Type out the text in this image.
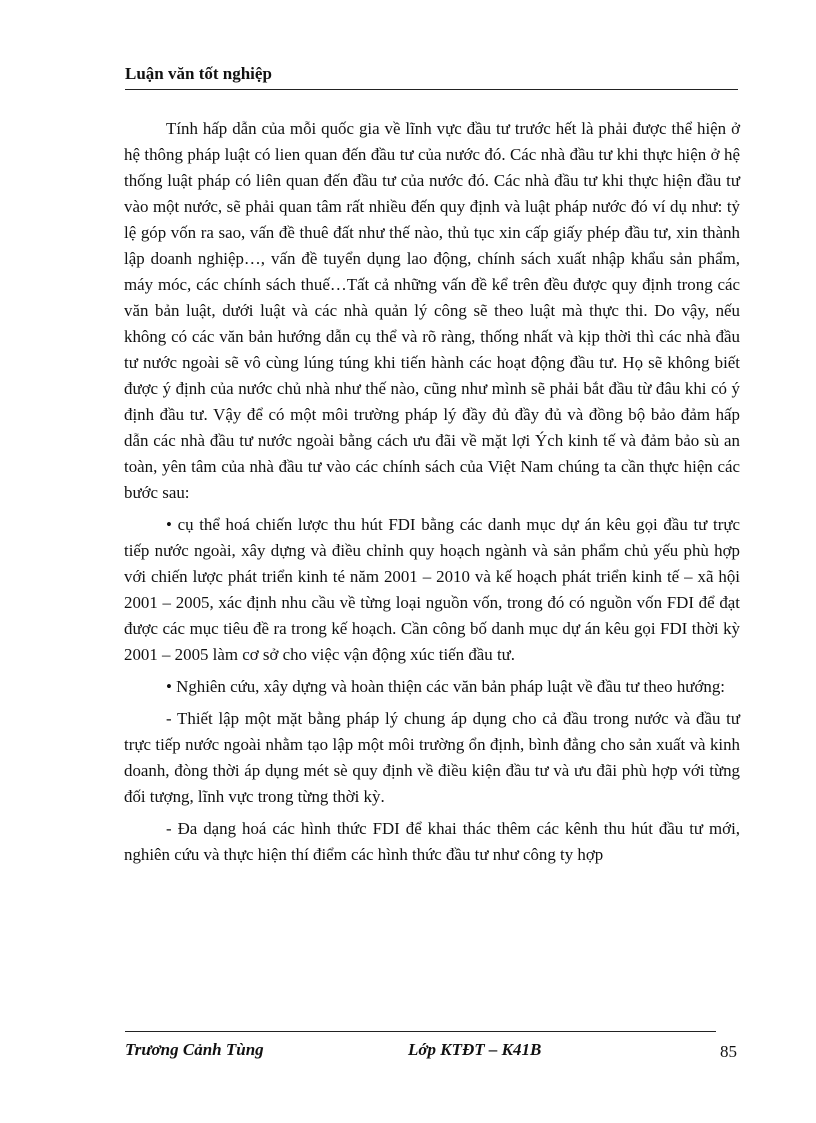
Luận văn tốt nghiệp

Tính hấp dẫn của mỗi quốc gia về lĩnh vực đầu tư trước hết là phải được thể hiện ở hệ thông pháp luật có lien quan đến đầu tư của nước đó. Các nhà đầu tư khi thực hiện ở hệ thống luật pháp có liên quan đến đầu tư của nước đó. Các nhà đầu tư khi thực hiện đầu tư vào một nước, sẽ phải quan tâm rất nhiều đến quy định và luật pháp nước đó ví dụ như: tỷ lệ góp vốn ra sao, vấn đề thuê đất như thế nào, thủ tục xin cấp giấy phép đầu tư, xin thành lập doanh nghiệp…, vấn đề tuyển dụng lao động, chính sách xuất nhập khẩu sản phẩm, máy móc, các chính sách thuế…Tất cả những vấn đề kể trên đều được quy định trong các văn bản luật, dưới luật và các nhà quản lý công sẽ theo luật mà thực thi. Do vậy, nếu không có các văn bản hướng dẫn cụ thể và rõ ràng, thống nhất và kịp thời thì các nhà đầu tư nước ngoài sẽ vô cùng lúng túng khi tiến hành các hoạt động đầu tư. Họ sẽ không biết được ý định của nước chủ nhà như thế nào, cũng như mình sẽ phải bắt đầu từ đâu khi có ý định đầu tư. Vậy để có một môi trường pháp lý đầy đủ đầy đủ và đồng bộ bảo đảm hấp dẫn các nhà đầu tư nước ngoài bằng cách ưu đãi về mặt lợi Ých kinh tế và đảm bảo sù an toàn, yên tâm của nhà đầu tư vào các chính sách của Việt Nam chúng ta cần thực hiện các bước sau:

• cụ thể hoá chiến lược thu hút FDI bằng các danh mục dự án kêu gọi đầu tư trực tiếp nước ngoài, xây dựng và điều chỉnh quy hoạch ngành và sản phẩm chủ yếu phù hợp với chiến lược phát triển kinh té năm 2001 – 2010 và kế hoạch phát triển kinh tế – xã hội 2001 – 2005, xác định nhu cầu về từng loại nguồn vốn, trong đó có nguồn vốn FDI để đạt được các mục tiêu đề ra trong kế hoạch. Cần công bố danh mục dự án kêu gọi FDI thời kỳ 2001 – 2005 làm cơ sở cho việc vận động xúc tiến đầu tư.

• Nghiên cứu, xây dựng và hoàn thiện các văn bản pháp luật về đầu tư theo hướng:

- Thiết lập một mặt bằng pháp lý chung áp dụng cho cả đầu trong nước và đầu tư trực tiếp nước ngoài nhằm tạo lập một môi trường ổn định, bình đẳng cho sản xuất và kinh doanh, đòng thời áp dụng mét sè quy định về điều kiện đầu tư và ưu đãi phù hợp với từng đối tượng, lĩnh vực trong từng thời kỳ.

- Đa dạng hoá các hình thức FDI để khai thác thêm các kênh thu hút đầu tư mới, nghiên cứu và thực hiện thí điểm các hình thức đầu tư như công ty hợp

Trương Cảnh Tùng	Lớp KTĐT – K41B	85
